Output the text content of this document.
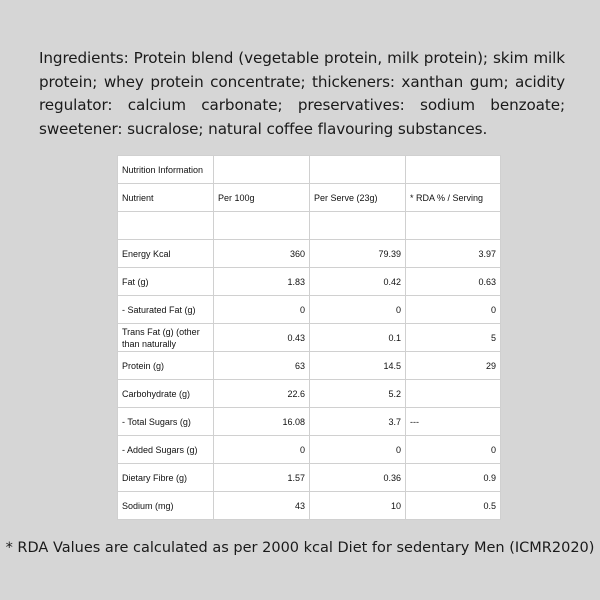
Ingredients: Protein blend (vegetable protein, milk protein); skim milk protein; whey protein concentrate; thickeners: xanthan gum; acidity regulator: calcium carbonate; preservatives: sodium benzoate; sweetener: sucralose; natural coffee flavouring substances.
Nutrition Information			
Nutrient	Per 100g	Per Serve (23g)	* RDA % / Serving

Energy Kcal	360	79.39	3.97
Fat (g)	1.83	0.42	0.63
- Saturated Fat (g)	0	0	0
Trans Fat (g) (other than naturally	0.43	0.1	5
Protein (g)	63	14.5	29
Carbohydrate (g)	22.6	5.2	
- Total Sugars (g)	16.08	3.7	---
- Added Sugars (g)	0	0	0
Dietary Fibre (g)	1.57	0.36	0.9
Sodium (mg)	43	10	0.5
* RDA Values are calculated as per 2000 kcal Diet for sedentary Men (ICMR2020)
